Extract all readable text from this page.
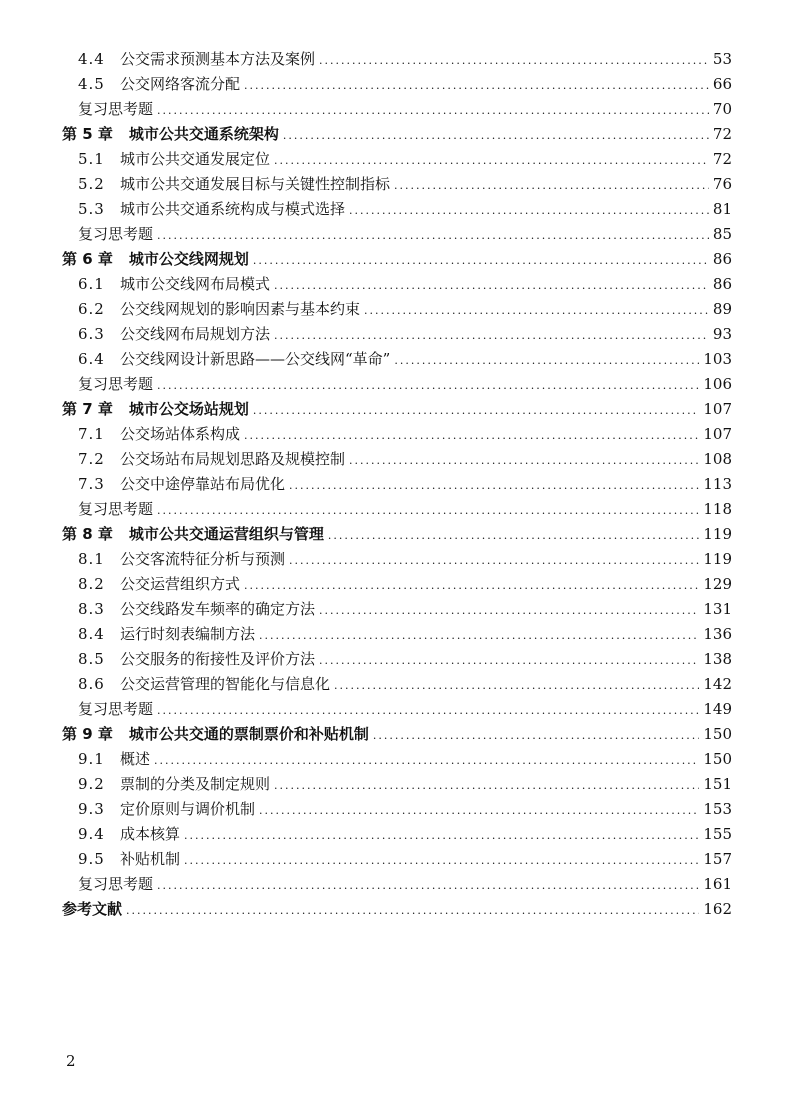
4.4	公交需求预测基本方法及案例 .....	53
4.5	公交网络客流分配 .....	66
复习思考题 .....	70
第 5 章 城市公共交通系统架构 .....	72
5.1	城市公共交通发展定位 .....	72
5.2	城市公共交通发展目标与关键性控制指标 .....	76
5.3	城市公共交通系统构成与模式选择 .....	81
复习思考题 .....	85
第 6 章 城市公交线网规划 .....	86
6.1	城市公交线网布局模式 .....	86
6.2	公交线网规划的影响因素与基本约束 .....	89
6.3	公交线网布局规划方法 .....	93
6.4	公交线网设计新思路——公交线网“革命” .....	103
复习思考题 .....	106
第 7 章 城市公交场站规划 .....	107
7.1	公交场站体系构成 .....	107
7.2	公交场站布局规划思路及规模控制 .....	108
7.3	公交中途停靠站布局优化 .....	113
复习思考题 .....	118
第 8 章 城市公共交通运营组织与管理 .....	119
8.1	公交客流特征分析与预测 .....	119
8.2	公交运营组织方式 .....	129
8.3	公交线路发车频率的确定方法 .....	131
8.4	运行时刻表编制方法 .....	136
8.5	公交服务的衔接性及评价方法 .....	138
8.6	公交运营管理的智能化与信息化 .....	142
复习思考题 .....	149
第 9 章 城市公共交通的票制票价和补贴机制 .....	150
9.1	概述 .....	150
9.2	票制的分类及制定规则 .....	151
9.3	定价原则与调价机制 .....	153
9.4	成本核算 .....	155
9.5	补贴机制 .....	157
复习思考题 .....	161
参考文献 .....	162
2
